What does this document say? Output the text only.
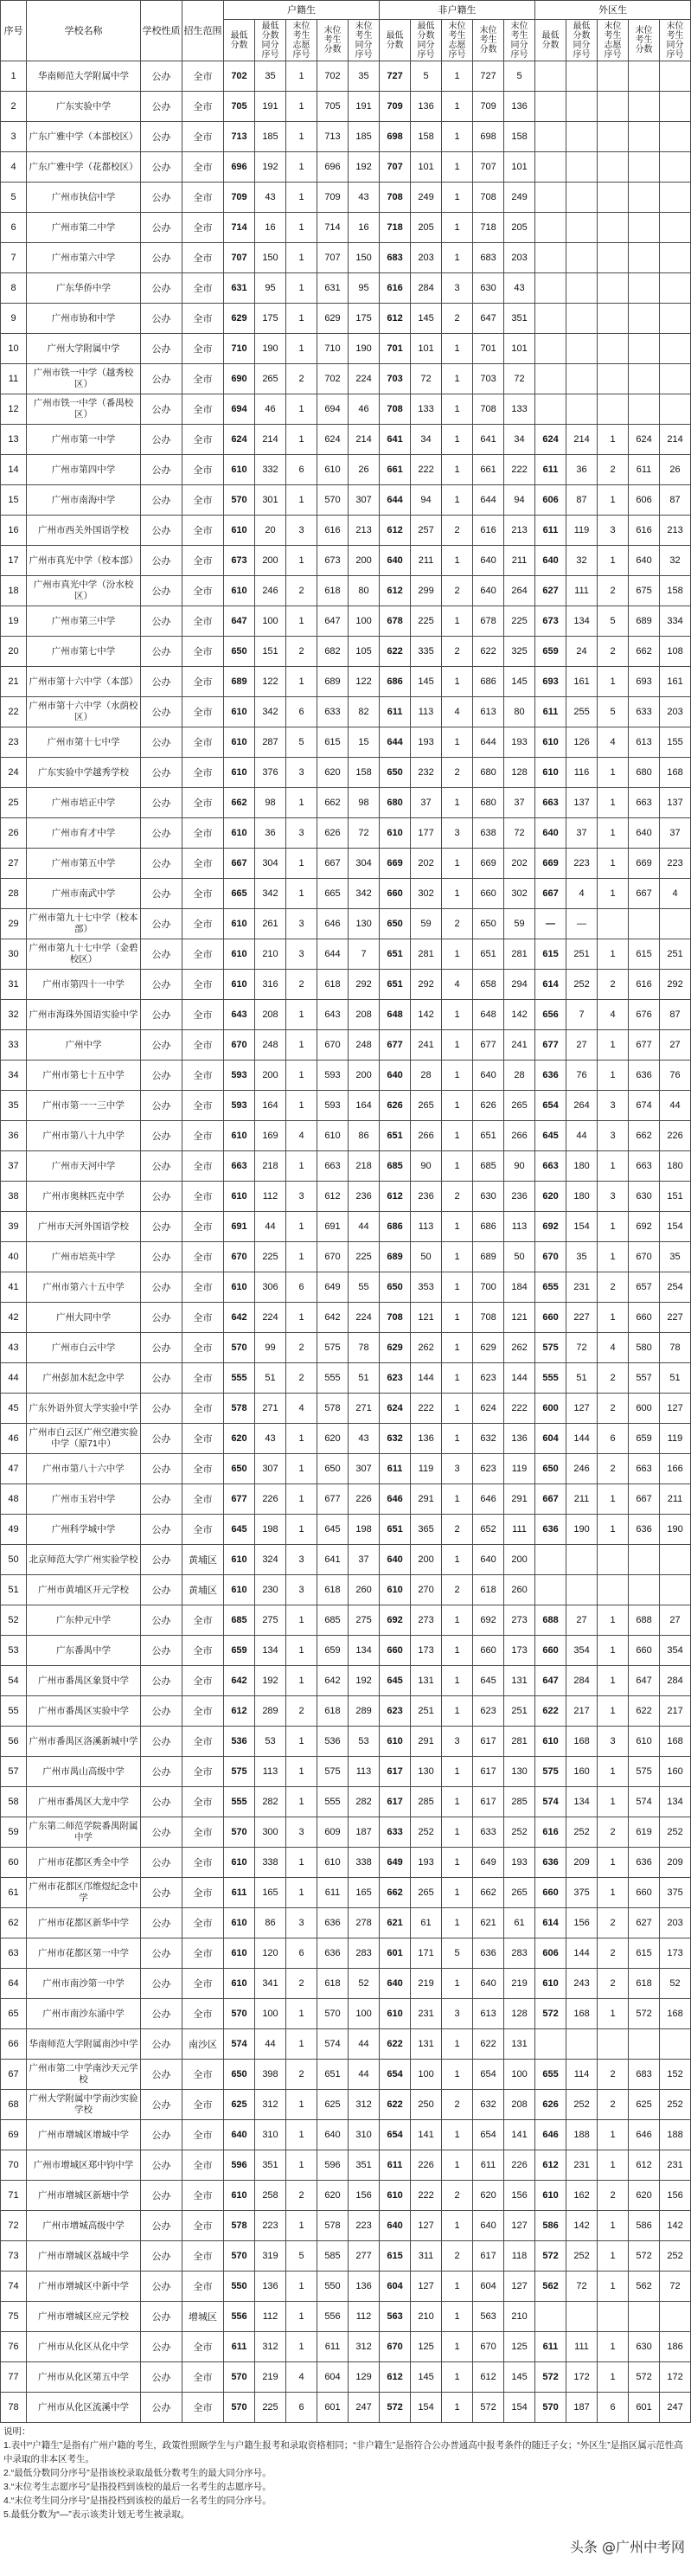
序号	学校名称	学校性质	招生范围	户籍生					非户籍生					外区生				
				最低分数	最低分数同分序号	末位考生志愿序号	末位考生分数	末位考生同分序号	最低分数	最低分数同分序号	末位考生志愿序号	末位考生分数	末位考生同分序号	最低分数	最低分数同分序号	末位考生志愿序号	末位考生分数	末位考生同分序号
1	华南师范大学附属中学	公办	全市	702	35	1	702	35	727	5	1	727	5					
2	广东实验中学	公办	全市	705	191	1	705	191	709	136	1	709	136					
3	广东广雅中学（本部校区）	公办	全市	713	185	1	713	185	698	158	1	698	158					
4	广东广雅中学（花都校区）	公办	全市	696	192	1	696	192	707	101	1	707	101					
5	广州市执信中学	公办	全市	709	43	1	709	43	708	249	1	708	249					
6	广州市第二中学	公办	全市	714	16	1	714	16	718	205	1	718	205					
7	广州市第六中学	公办	全市	707	150	1	707	150	683	203	1	683	203					
8	广东华侨中学	公办	全市	631	95	1	631	95	616	284	3	630	43					
9	广州市协和中学	公办	全市	629	175	1	629	175	612	145	2	647	351					
10	广州大学附属中学	公办	全市	710	190	1	710	190	701	101	1	701	101					
11	广州市铁一中学（越秀校区）	公办	全市	690	265	2	702	224	703	72	1	703	72					
12	广州市铁一中学（番禺校区）	公办	全市	694	46	1	694	46	708	133	1	708	133					
13	广州市第一中学	公办	全市	624	214	1	624	214	641	34	1	641	34	624	214	1	624	214
14	广州市第四中学	公办	全市	610	332	6	610	26	661	222	1	661	222	611	36	2	611	26
15	广州市南海中学	公办	全市	570	301	1	570	307	644	94	1	644	94	606	87	1	606	87
16	广州市西关外国语学校	公办	全市	610	20	3	616	213	612	257	2	616	213	611	119	3	616	213
17	广州市真光中学（校本部）	公办	全市	673	200	1	673	200	640	211	1	640	211	640	32	1	640	32
18	广州市真光中学（汾水校区）	公办	全市	610	246	2	618	80	612	299	2	640	264	627	111	2	675	158
19	广州市第三中学	公办	全市	647	100	1	647	100	678	225	1	678	225	673	134	5	689	334
20	广州市第七中学	公办	全市	650	151	2	682	105	622	335	2	622	325	659	24	2	662	108
21	广州市第十六中学（本部）	公办	全市	689	122	1	689	122	686	145	1	686	145	693	161	1	693	161
22	广州市第十六中学（水荫校区）	公办	全市	610	342	6	633	82	611	113	4	613	80	611	255	5	633	203
23	广州市第十七中学	公办	全市	610	287	5	615	15	644	193	1	644	193	610	126	4	613	155
24	广东实验中学越秀学校	公办	全市	610	376	3	620	158	650	232	2	680	128	610	116	1	680	168
25	广州市培正中学	公办	全市	662	98	1	662	98	680	37	1	680	37	663	137	1	663	137
26	广州市育才中学	公办	全市	610	36	3	626	72	610	177	3	638	72	640	37	1	640	37
27	广州市第五中学	公办	全市	667	304	1	667	304	669	202	1	669	202	669	223	1	669	223
28	广州市南武中学	公办	全市	665	342	1	665	342	660	302	1	660	302	667	4	1	667	4
29	广州市第九十七中学（校本部）	公办	全市	610	261	3	646	130	650	59	2	650	59	—	—			
30	广州市第九十七中学（金碧校区）	公办	全市	610	210	3	644	7	651	281	1	651	281	615	251	1	615	251
31	广州市第四十一中学	公办	全市	610	316	2	618	292	651	292	4	658	294	614	252	2	616	292
32	广州市海珠外国语实验中学	公办	全市	643	208	1	643	208	648	142	1	648	142	656	7	4	676	87
33	广州中学	公办	全市	670	248	1	670	248	677	241	1	677	241	677	27	1	677	27
34	广州市第七十五中学	公办	全市	593	200	1	593	200	640	28	1	640	28	636	76	1	636	76
35	广州市第一一三中学	公办	全市	593	164	1	593	164	626	265	1	626	265	654	264	3	674	44
36	广州市第八十九中学	公办	全市	610	169	4	610	86	651	266	1	651	266	645	44	3	662	226
37	广州市天河中学	公办	全市	663	218	1	663	218	685	90	1	685	90	663	180	1	663	180
38	广州市奥林匹克中学	公办	全市	610	112	3	612	236	612	236	2	630	236	620	180	3	630	151
39	广州市天河外国语学校	公办	全市	691	44	1	691	44	686	113	1	686	113	692	154	1	692	154
40	广州市培英中学	公办	全市	670	225	1	670	225	689	50	1	689	50	670	35	1	670	35
41	广州市第六十五中学	公办	全市	610	306	6	649	55	650	353	1	700	184	655	231	2	657	254
42	广州大同中学	公办	全市	642	224	1	642	224	708	121	1	708	121	660	227	1	660	227
43	广州市白云中学	公办	全市	570	99	2	575	78	629	262	1	629	262	575	72	4	580	78
44	广州彭加木纪念中学	公办	全市	555	51	2	555	51	623	144	1	623	144	555	51	2	557	51
45	广东外语外贸大学实验中学	公办	全市	578	271	4	578	271	624	222	1	624	222	600	127	2	600	127
46	广州市白云区广州空港实验中学（原71中）	公办	全市	620	43	1	620	43	632	136	1	632	136	604	144	6	659	119
47	广州市第八十六中学	公办	全市	650	307	1	650	307	611	119	3	623	119	650	246	2	663	166
48	广州市玉岩中学	公办	全市	677	226	1	677	226	646	291	1	646	291	667	211	1	667	211
49	广州科学城中学	公办	全市	645	198	1	645	198	651	365	2	652	111	636	190	1	636	190
50	北京师范大学广州实验学校	公办	黄埔区	610	324	3	641	37	640	200	1	640	200					
51	广州市黄埔区开元学校	公办	黄埔区	610	230	3	618	260	610	270	2	618	260					
52	广东仲元中学	公办	全市	685	275	1	685	275	692	273	1	692	273	688	27	1	688	27
53	广东番禺中学	公办	全市	659	134	1	659	134	660	173	1	660	173	660	354	1	660	354
54	广州市番禺区象贤中学	公办	全市	642	192	1	642	192	645	131	1	645	131	647	284	1	647	284
55	广州市番禺区实验中学	公办	全市	612	289	2	618	289	623	251	1	623	251	622	217	1	622	217
56	广州市番禺区洛溪新城中学	公办	全市	536	53	1	536	53	610	291	3	617	281	610	168	3	610	168
57	广州市禺山高级中学	公办	全市	575	113	1	575	113	617	130	1	617	130	575	160	1	575	160
58	广州市番禺区大龙中学	公办	全市	555	282	1	555	282	617	285	1	617	285	574	134	1	574	134
59	广东第二师范学院番禺附属中学	公办	全市	570	300	3	609	187	633	252	1	633	252	616	252	2	619	252
60	广州市花都区秀全中学	公办	全市	610	338	1	610	338	649	193	1	649	193	636	209	1	636	209
61	广州市花都区邝维煜纪念中学	公办	全市	611	165	1	611	165	662	265	1	662	265	660	375	1	660	375
62	广州市花都区新华中学	公办	全市	610	86	3	636	278	621	61	1	621	61	614	156	2	627	203
63	广州市花都区第一中学	公办	全市	610	120	6	636	283	601	171	5	636	283	606	144	2	615	173
64	广州市南沙第一中学	公办	全市	610	341	2	618	52	640	219	1	640	219	610	243	2	618	52
65	广州市南沙东涌中学	公办	全市	570	100	1	570	100	610	231	3	613	128	572	168	1	572	168
66	华南师范大学附属南沙中学	公办	南沙区	574	44	1	574	44	622	131	1	622	131					
67	广州市第二中学南沙天元学校	公办	全市	650	398	2	651	44	654	100	1	654	100	655	114	2	683	152
68	广州大学附属中学南沙实验学校	公办	全市	625	312	1	625	312	622	250	2	632	208	626	252	2	625	252
69	广州市增城区增城中学	公办	全市	640	310	1	640	310	654	141	1	654	141	646	188	1	646	188
70	广州市增城区郑中钧中学	公办	全市	596	351	1	596	351	611	226	1	611	226	612	231	1	612	231
71	广州市增城区新塘中学	公办	全市	610	258	2	620	156	610	222	2	620	156	610	162	2	620	156
72	广州市增城高级中学	公办	全市	578	223	1	578	223	640	127	1	640	127	586	142	1	586	142
73	广州市增城区荔城中学	公办	全市	570	319	5	585	277	615	311	2	617	118	572	252	1	572	252
74	广州市增城区中新中学	公办	全市	550	136	1	550	136	604	127	1	604	127	562	72	1	562	72
75	广州市增城区应元学校	公办	增城区	556	112	1	556	112	563	210	1	563	210					
76	广州市从化区从化中学	公办	全市	611	312	1	611	312	670	125	1	670	125	611	111	1	630	186
77	广州市从化区第五中学	公办	全市	570	219	4	604	129	612	145	1	612	145	572	172	1	572	172
78	广州市从化区流溪中学	公办	全市	570	225	6	601	247	572	154	1	572	154	570	187	6	601	247
说明：
1.表中“户籍生”是指有广州户籍的考生，政策性照顾学生与户籍生报考和录取资格相同；“非户籍生”是指符合公办普通高中报考条件的随迁子女；“外区生”是指区属示范性高中录取的非本区考生。
2.“最低分数同分序号”是指该校录取最低分数考生的最大同分序号。
3.“末位考生志愿序号”是指投档到该校的最后一名考生的志愿序号。
4.“末位考生同分序号”是指投档到该校的最后一名考生的同分序号。
5.最低分数为“—”表示该类计划无考生被录取。
头条 @广州中考网
